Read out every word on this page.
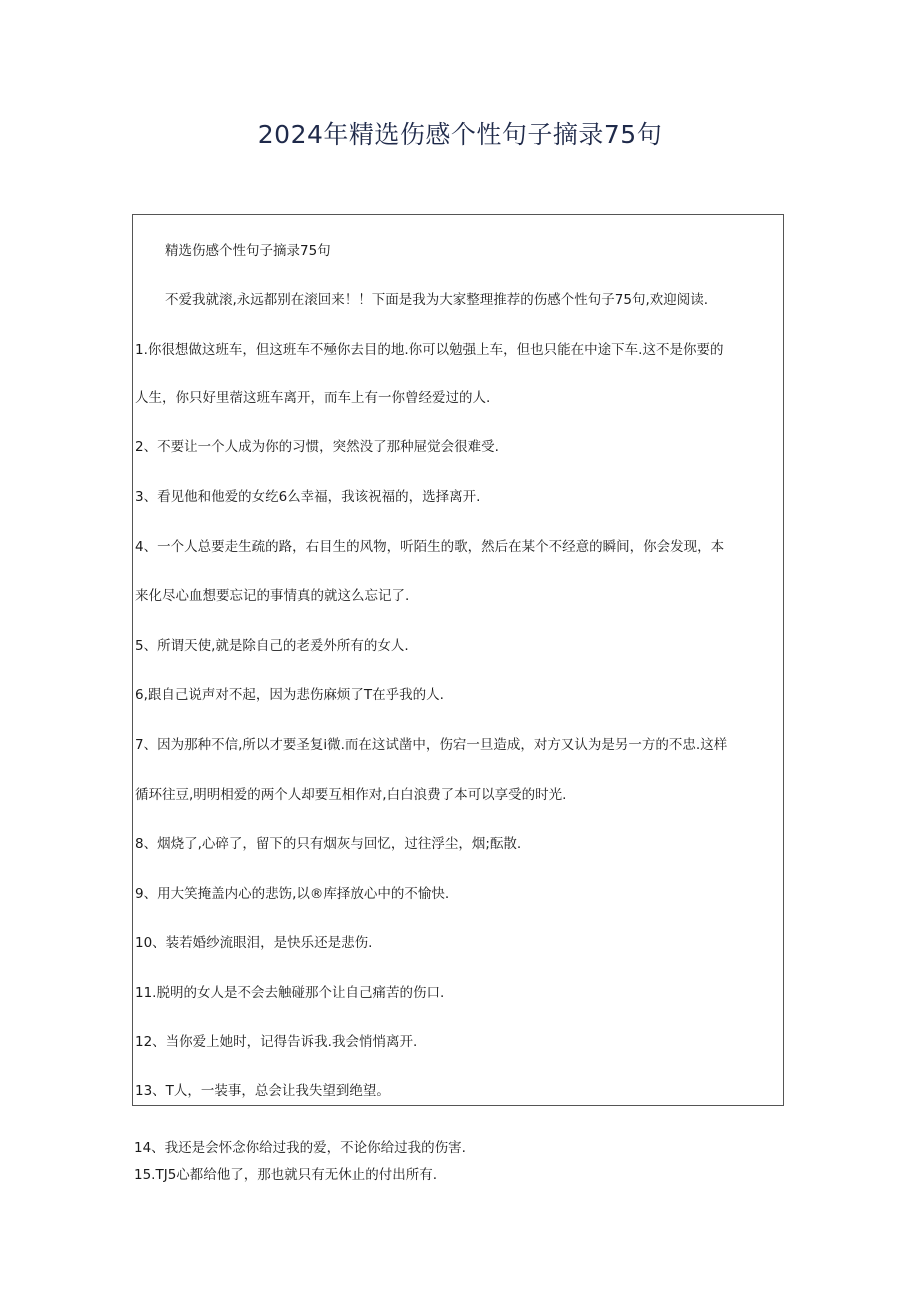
2024年精选伤感个性句子摘录75句
精选伤感个性句子摘录75句
不爱我就滚,永远都别在滚回来！！下面是我为大家整理推荐的伤感个性句子75句,欢迎阅读.
1.你很想做这班车，但这班车不殛你去目的地.你可以勉强上车，但也只能在中途下车.这不是你要的
人生，你只好里蓿这班车离开，而车上有一你曾经爱过的人.
2、不要让一个人成为你的习惯，突然没了那种屉觉会很难受.
3、看见他和他爱的女纥6么幸福，我该祝福的，选择离开.
4、一个人总要走生疏的路，右目生的风物，听陌生的歌，然后在某个不经意的瞬间，你会发现，本
来化尽心血想要忘记的事情真的就这么忘记了.
5、所谓天使,就是除自己的老爰外所有的女人.
6,跟自己说声对不起，因为悲伤麻烦了T在乎我的人.
7、因为那种不信,所以才要圣复i微.而在这试凿中，伤宕一旦造成，对方又认为是另一方的不忠.这样
循环往豆,明明相爱的两个人却要互相作对,白白浪费了本可以享受的时光.
8、烟烧了,心碎了，留下的只有烟灰与回忆，过往浮尘，烟;酝散.
9、用大笑掩盖内心的悲饬,以®库择放心中的不愉快.
10、装若婚纱流眼泪，是快乐还是悲伤.
11.脱明的女人是不会去触碰那个让自己痛苦的伤口.
12、当你爱上她时，记得告诉我.我会悄悄离开.
13、T人，一装事，总会让我失望到绝望。
14、我还是会怀念你给过我的爱，不论你给过我的伤害.
15.TJ5心都给他了，那也就只有无休止的付出所有.
